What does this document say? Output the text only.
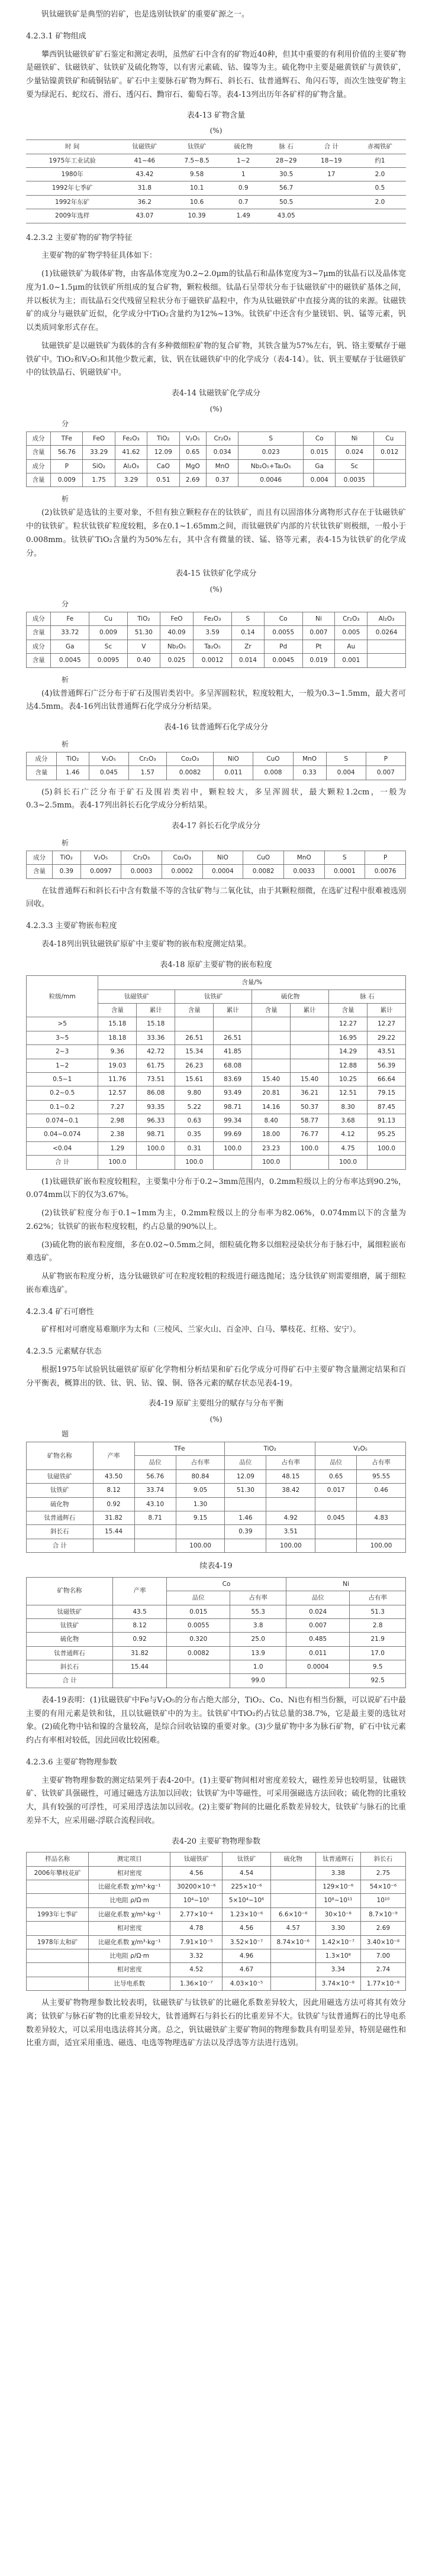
钒钛磁铁矿是典型的岩矿，也是选别钛铁矿的重要矿源之一。

4.2.3.1 矿物组成

攀西钒钛磁铁矿矿石鉴定和测定表明，虽然矿石中含有的矿物近40种，但其中重要的有利用价值的主要矿物是磁铁矿、钛磁铁矿、钛铁矿及硫化物等，以有害元素硫、钴、镍等为主。硫化物中主要是磁黄铁矿与黄铁矿，少量钴镍黄铁矿和硫铜钴矿。矿石中主要脉石矿物为辉石、斜长石、钛普通辉石、角闪石等，而次生蚀变矿物主要为绿泥石、蛇纹石、滑石、透闪石、黝帘石、葡萄石等。表4-13列出历年各矿样的矿物含量。

表4-13 矿物含量
(%)
时 间	钛磁铁矿	钛铁矿	硫化物	脉 石	合 计	赤褐铁矿
1975年工业试验	41~46	7.5~8.5	1~2	28~29	18~19	约1
1980年	43.42	9.58	1	30.5	17	2.0
1992年七季矿	31.8	10.1	0.9	56.7		0.5
1992年东矿	36.2	10.6	0.7	50.5		2.0
2009年选样	43.07	10.39	1.49	43.05		
4.2.3.2 主要矿物的矿物学特征

主要矿物的矿物学特征具体如下：

(1)钛磁铁矿为载体矿物，由客晶体宽度为0.2~2.0μm的钛晶石和晶体宽度为3~7μm的钛晶石以及晶体宽度为1.0~1.5μm的钛铁矿所组成的复合矿物，颗粒极细。钛晶石呈带状分布于钛磁铁矿中的磁铁矿基体之间，并以板状为主；而钛晶石交代残留呈粒状分布于磁铁矿晶粒中，作为从钛磁铁矿中直接分离的钛的来源。钛磁铁矿的成分与磁铁矿近似，化学成分中TiO₂含量约为12%~13%。钛铁矿中还含有少量镁铝、钒、锰等元素，钒以类质同象形式存在。

钛磁铁矿是以磁铁矿为载体的含有多种微细粒矿物的复合矿物，其铁含量为57%左右，钒、铬主要赋存于磁铁矿中。TiO₂和V₂O₅和其他少数元素，钛、钒在钛磁铁矿中的化学成分（表4-14）。钛、钒主要赋存于钛磁铁矿中的钛铁晶石、钒磁铁矿中。

表4-14 钛磁铁矿化学成分
(%)
分
成分	TFe	FeO	Fe₂O₃	TiO₂	V₂O₅	Cr₂O₃	S	Co	Ni	Cu
含量	56.76	33.29	41.62	12.09	0.65	0.034	0.023	0.015	0.024	0.012
成分	P	SiO₂	Al₂O₃	CaO	MgO	MnO	Nb₂O₅+Ta₂O₅	Ga	Sc	
含量	0.009	1.75	3.29	0.51	2.69	0.37	0.0046	0.004	0.0035	
析

(2)钛铁矿是选钛的主要对象，不但有独立颗粒存在的钛铁矿，而且有以固溶体分离物形式存在于钛磁铁矿中的钛铁矿。粒状钛铁矿粒度较粗，多在0.1~1.65mm之间，而钛磁铁矿内部的片状钛铁矿则极细，一般小于0.008mm。钛铁矿TiO₂含量约为50%左右，其中含有微量的镁、锰、铬等元素，表4-15为钛铁矿的化学成分。

表4-15 钛铁矿化学成分
(%)
分
成分	Fe	Cu	TiO₂	FeO	Fe₂O₃	S	Co	Ni	Cr₂O₃	Al₂O₃
含量	33.72	0.009	51.30	40.09	3.59	0.14	0.0055	0.007	0.005	0.0264
成分	Ga	Sc	V	Nb₂O₅	Ta₂O₅	Zr	Pd	Pt	Au	
含量	0.0045	0.0095	0.40	0.025	0.0012	0.014	0.0045	0.019	0.001	
析

(4)钛普通辉石广泛分布于矿石及围岩类岩中。多呈浑圆粒状，粒度较粗大，一般为0.3~1.5mm，最大者可达4.5mm。表4-16列出钛普通辉石化学成分分析结果。

表4-16 钛普通辉石化学成分分
析
成分	TiO₂	V₂O₅	Cr₂O₃	Co₂O₃	NiO	CuO	MnO	S	P
含量	1.46	0.045	1.57	0.0082	0.011	0.008	0.33	0.004	0.007

(5)斜长石广泛分布于矿石及围岩类岩中，颗粒较大，多呈浑圆状，最大颗粒1.2cm，一般为0.3~2.5mm。表4-17列出斜长石化学成分分析结果。

表4-17 斜长石化学成分分
析
成分	TiO₂	V₂O₅	Cr₂O₃	Co₂O₃	NiO	CuO	MnO	S	P
含量	0.39	0.0097	0.0003	0.0002	0.0004	0.0082	0.0033	0.0001	0.0076

在钛普通辉石和斜长石中含有数量不等的含钛矿物与二氧化钛，由于其颗粒细微，在选矿过程中很难被选别回收。

4.2.3.3 主要矿物嵌布粒度

表4-18列出钒钛磁铁矿原矿中主要矿物的嵌布粒度测定结果。

表4-18 原矿主要矿物的嵌布粒度
粒级/mm	含量/%							
	钛磁铁矿		钛铁矿		硫化物		脉 石	
	含量	累计	含量	累计	含量	累计	含量	累计
>5	15.18	15.18					12.27	12.27
3~5	18.18	33.36	26.51	26.51			16.95	29.22
2~3	9.36	42.72	15.34	41.85			14.29	43.51
1~2	19.03	61.75	26.23	68.08			12.88	56.39
0.5~1	11.76	73.51	15.61	83.69	15.40	15.40	10.25	66.64
0.2~0.5	12.57	86.08	9.80	93.49	20.81	36.21	12.51	79.15
0.1~0.2	7.27	93.35	5.22	98.71	14.16	50.37	8.30	87.45
0.074~0.1	2.98	96.33	0.63	99.34	8.40	58.77	3.68	91.13
0.04~0.074	2.38	98.71	0.35	99.69	18.00	76.77	4.12	95.25
<0.04	1.29	100.0	0.31	100.0	23.23	100.0	4.75	100.0
合 计	100.0		100.0		100.0		100.0	

(1)钛磁铁矿嵌布粒度较粗粒，主要集中分布于0.2~3mm范围内，0.2mm粒级以上的分布率达到90.2%，0.074mm以下的仅为3.67%。

(2)钛铁矿粒度分布于0.1~1mm为主，0.2mm粒级以上的分布率为82.06%，0.074mm以下的含量为2.62%；钛铁矿的嵌布粒度较粗，约占总量的90%以上。

(3)硫化物的嵌布粒度细，多在0.02~0.5mm之间，细粒硫化物多以细粒浸染状分布于脉石中，属细粒嵌布难选矿。

从矿物嵌布粒度分析，选分钛磁铁矿可在粒度较粗的粒级进行磁选抛尾；选分钛铁矿则需要细磨，属于细粒嵌布难选矿。

4.2.3.4 矿石可磨性

矿样相对可磨度易难顺序为太和（三棱风、兰家火山、百金冲、白马、攀枝花、红格、安宁）。

4.2.3.5 元素赋存状态

根据1975年试验钒钛磁铁矿原矿化学物相分析结果和矿石化学成分可得矿石中主要矿物含量测定结果和百分平衡表，概算出的铁、钛、钒、钴、镍、铜、铬各元素的赋存状态见表4-19。

表4-19 原矿主要组分的赋存与分布平衡
(%)
题
矿物名称	产率	TFe		TiO₂		V₂O₅	
		品位	占有率	品位	占有率	品位	占有率
钛磁铁矿	43.50	56.76	80.84	12.09	48.15	0.65	95.55
钛铁矿	8.12	33.74	9.05	51.30	38.42	0.017	0.46
硫化物	0.92	43.10	1.30				
钛普通辉石	31.82	8.71	9.15	1.46	4.92	0.045	4.83
斜长石	15.44			0.39	3.51		
合 计			100.00		100.00		100.00
续表4-19
矿物名称	产率	Co		Ni	
		品位	占有率	品位	占有率
钛磁铁矿	43.5	0.015	55.3	0.024	51.3
钛铁矿	8.12	0.0055	3.8	0.007	2.8
硫化物	0.92	0.320	25.0	0.485	21.9
钛普通辉石	31.82	0.0082	13.9	0.011	17.0
斜长石	15.44		1.0	0.0004	9.5
合 计			99.0		92.5

表4-19表明：(1)钛磁铁矿中Fe与V₂O₅的分布占绝大部分，TiO₂、Co、Ni也有相当份额，可以说矿石中最主要的有用元素是铁和钛，且以钛磁铁矿中的为主。钛铁矿中TiO₂约占钛总量的38.7%，它是最主要的选钛对象。(2)硫化物中钴和镍的含量较高，是综合回收钴镍的重要对象。(3)少量矿物中多为脉石矿物，矿石中钛元素约占有率相对较低，因此回收比较困难。

4.2.3.6 主要矿物物理参数

主要矿物物理参数的测定结果列于表4-20中。(1)主要矿物间相对密度差较大，磁性差异也较明显，钛磁铁矿、钛铁矿具强磁性，可通过磁选方法加以回收；钛铁矿为中等磁性，可采用强磁选方法回收；硫化物的比重较大，具有较强的可浮性，可采用浮选法加以回收。(2)主要矿物间的比磁化系数差异较大，钛铁矿与脉石的比重差异不大，应采用磁-浮联合流程回收。

表4-20 主要矿物物理参数
样品名称	测定项目	钛磁铁矿	钛铁矿	硫化物	钛普通辉石	斜长石
2006年攀枝花矿	相对密度	4.56	4.54		3.38	2.75
	比磁化系数 χ/m³·kg⁻¹	30200×10⁻⁶	225×10⁻⁶		129×10⁻⁶	54×10⁻⁶
	比电阻 ρ/Ω·m	10⁴~10⁵	5×10⁴~10⁶		10⁸~10¹¹	10¹⁰
1993年七季矿	比磁化系数 χ/m³·kg⁻¹	2.77×10⁻⁴	1.23×10⁻⁶	6.6×10⁻⁶	30×10⁻⁸	8.7×10⁻⁹
	相对密度	4.78	4.56	4.57	3.30	2.69
1978年太和矿	比磁化系数 χ/m³·kg⁻¹	7.91×10⁻⁵	3.52×10⁻⁷	8.74×10⁻⁶	1.42×10⁻⁷	3.40×10⁻⁸
	比电阻 ρ/Ω·m	3.32	4.96		1.3×10⁸	7.00
	相对密度	4.52	4.67		3.34	2.74
	比导电系数	1.36×10⁻⁷	4.03×10⁻⁵		3.74×10⁻⁸	1.77×10⁻⁸

从主要矿物物理参数比较表明，钛磁铁矿与钛铁矿的比磁化系数差异较大，因此用磁选方法可将其有效分离；钛铁矿与脉石矿物的比重差异较大，钛普通辉石与斜长石的比重差异不大。钛铁矿与钛普通辉石的比导电系数差异较大，可以采用电选法将其分离。总之，钒钛磁铁矿主要矿物间的物理参数具有明显差异，特别是磁性和比重方面，适宜采用重选、磁选、电选等物理选矿方法以及浮选等方法进行选别。
